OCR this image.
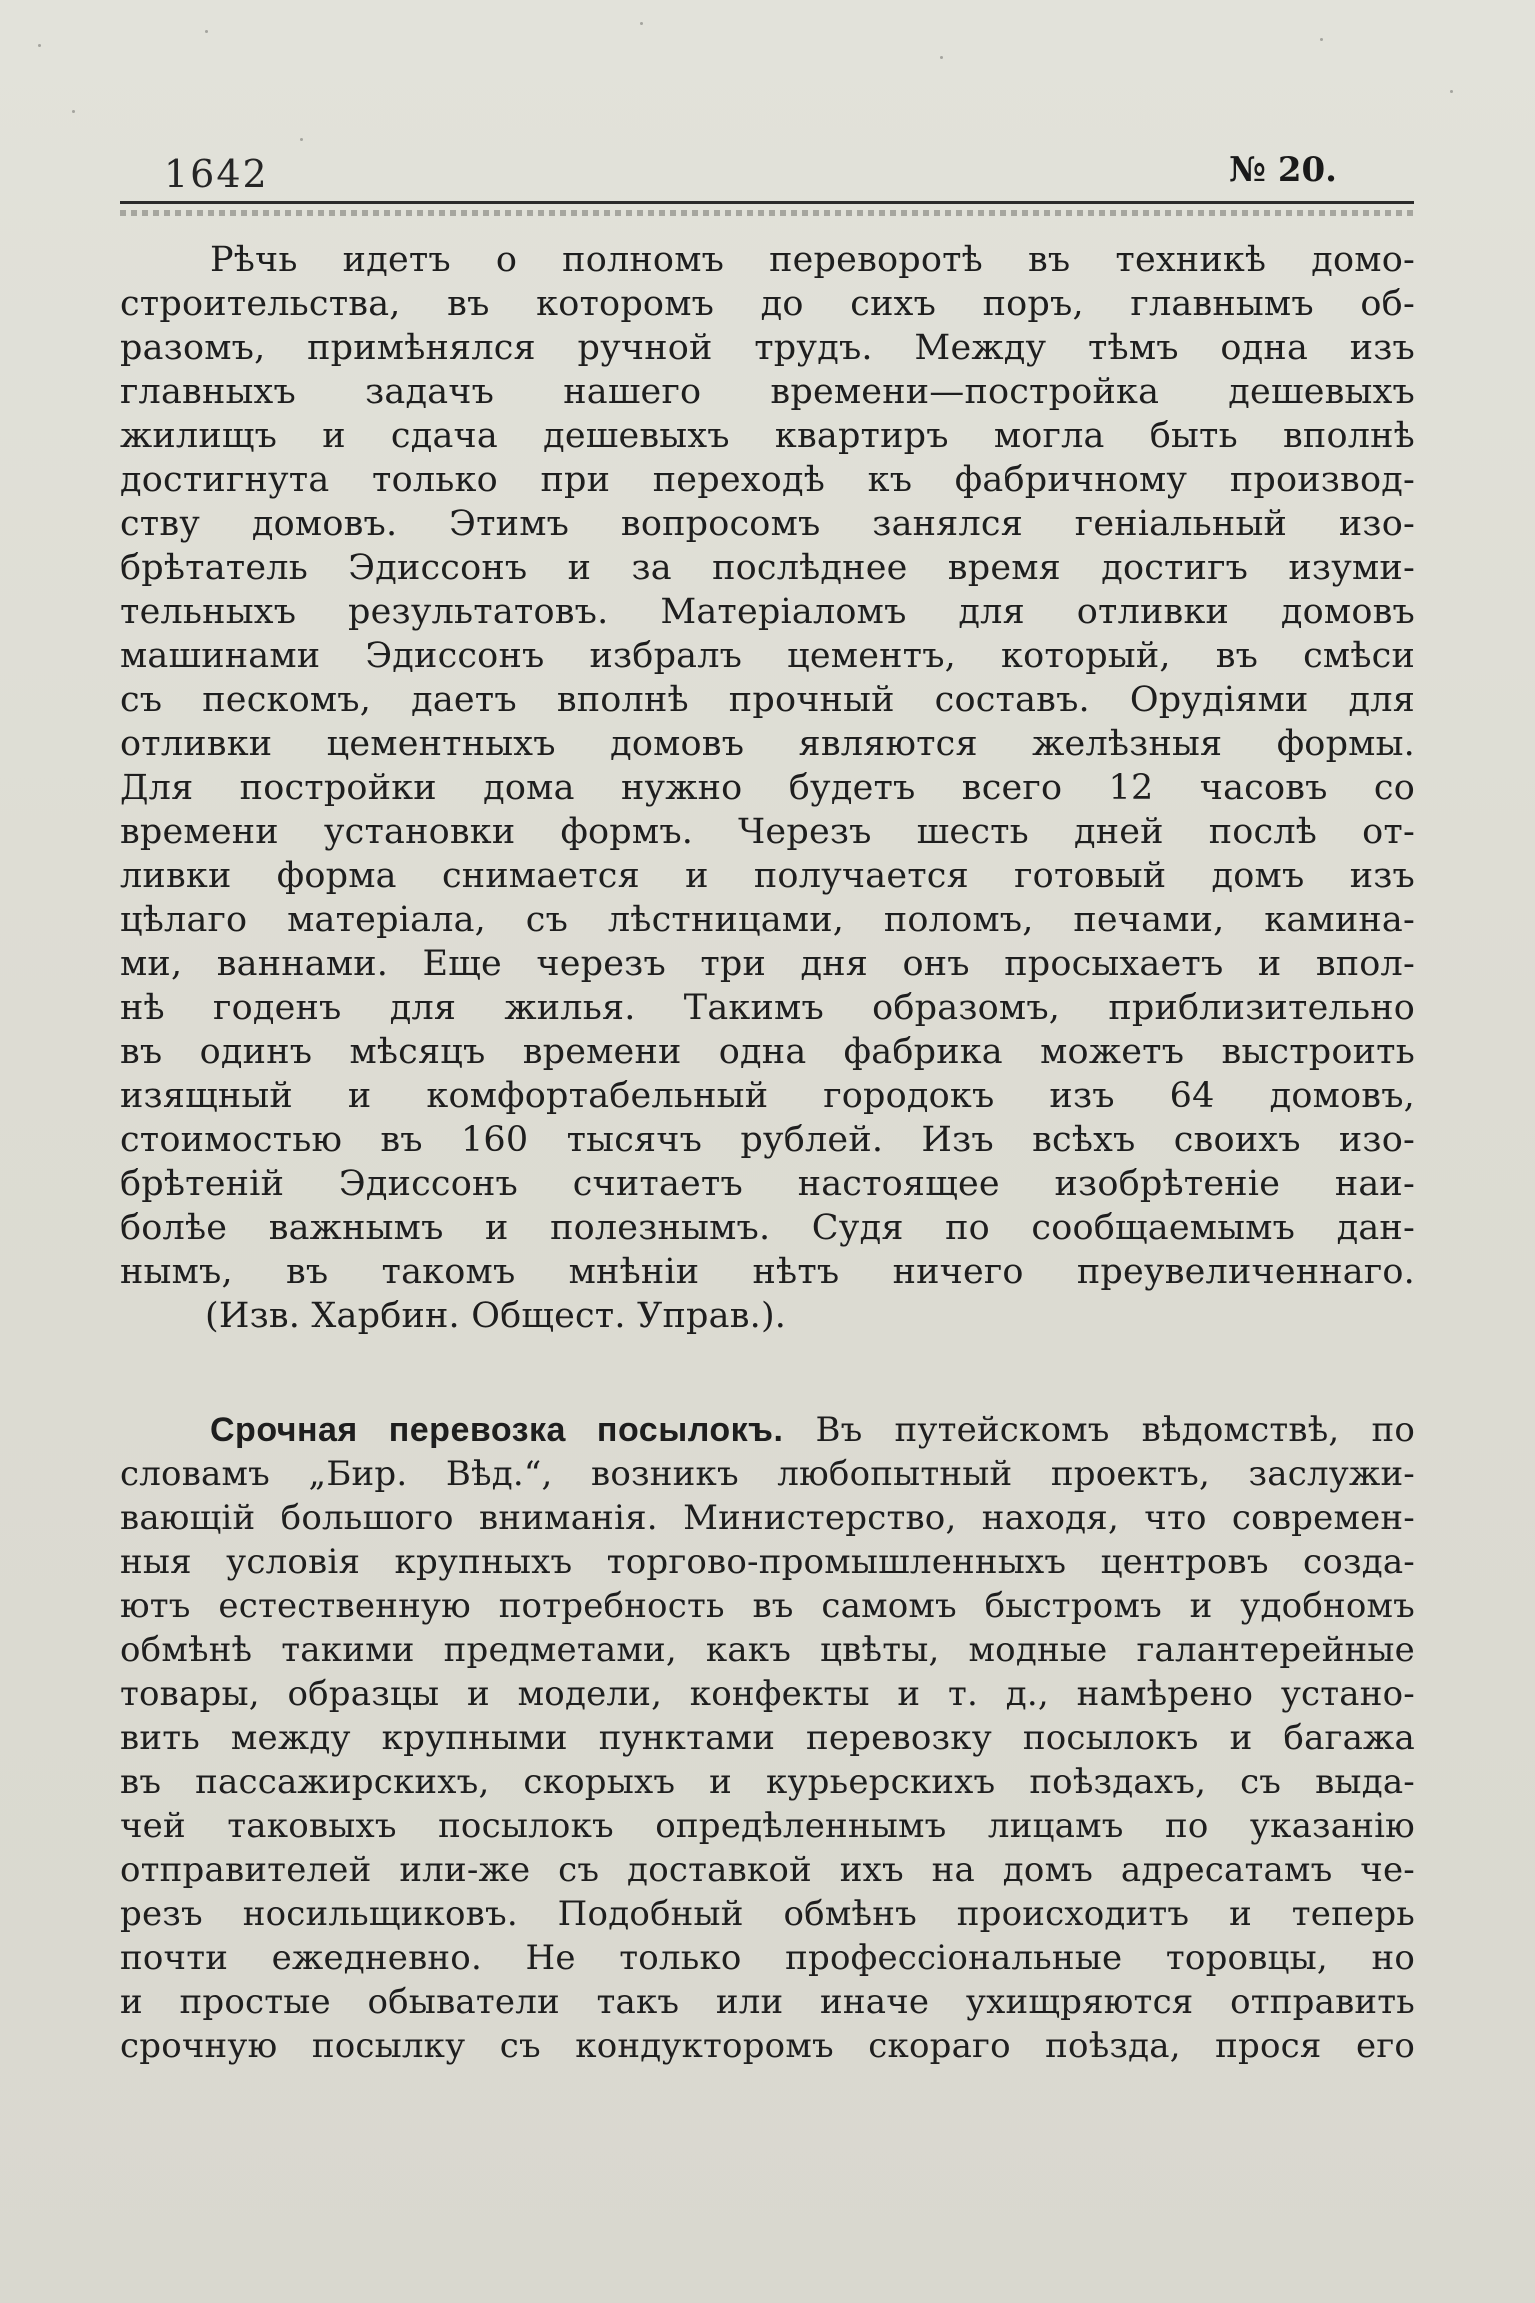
1642	№ 20.
Рѣчь идетъ о полномъ переворотѣ въ техникѣ домо-
строительства, въ которомъ до сихъ поръ, главнымъ об-
разомъ, примѣнялся ручной трудъ. Между тѣмъ одна изъ
главныхъ задачъ нашего времени—постройка дешевыхъ
жилищъ и сдача дешевыхъ квартиръ могла быть вполнѣ
достигнута только при переходѣ къ фабричному производ-
ству домовъ. Этимъ вопросомъ занялся геніальный изо-
брѣтатель Эдиссонъ и за послѣднее время достигъ изуми-
тельныхъ результатовъ. Матеріаломъ для отливки домовъ
машинами Эдиссонъ избралъ цементъ, который, въ смѣси
съ пескомъ, даетъ вполнѣ прочный составъ. Орудіями для
отливки цементныхъ домовъ являются желѣзныя формы.
Для постройки дома нужно будетъ всего 12 часовъ со
времени установки формъ. Черезъ шесть дней послѣ от-
ливки форма снимается и получается готовый домъ изъ
цѣлаго матеріала, съ лѣстницами, поломъ, печами, камина-
ми, ваннами. Еще черезъ три дня онъ просыхаетъ и впол-
нѣ годенъ для жилья. Такимъ образомъ, приблизительно
въ одинъ мѣсяцъ времени одна фабрика можетъ выстроить
изящный и комфортабельный городокъ изъ 64 домовъ,
стоимостью въ 160 тысячъ рублей. Изъ всѣхъ своихъ изо-
брѣтеній Эдиссонъ считаетъ настоящее изобрѣтеніе наи-
болѣе важнымъ и полезнымъ. Судя по сообщаемымъ дан-
нымъ, въ такомъ мнѣніи нѣтъ ничего преувеличеннаго.
(Изв. Харбин. Общест. Управ.).
Срочная перевозка посылокъ. Въ путейскомъ вѣдомствѣ, по
словамъ „Бир. Вѣд.“, возникъ любопытный проектъ, заслужи-
вающій большого вниманія. Министерство, находя, что современ-
ныя условія крупныхъ торгово-промышленныхъ центровъ созда-
ютъ естественную потребность въ самомъ быстромъ и удобномъ
обмѣнѣ такими предметами, какъ цвѣты, модные галантерейные
товары, образцы и модели, конфекты и т. д., намѣрено устано-
вить между крупными пунктами перевозку посылокъ и багажа
въ пассажирскихъ, скорыхъ и курьерскихъ поѣздахъ, съ выда-
чей таковыхъ посылокъ опредѣленнымъ лицамъ по указанію
отправителей или-же съ доставкой ихъ на домъ адресатамъ че-
резъ носильщиковъ. Подобный обмѣнъ происходитъ и теперь
почти ежедневно. Не только профессіональные торовцы, но
и простые обыватели такъ или иначе ухищряются отправить
срочную посылку съ кондукторомъ скораго поѣзда, прося его
